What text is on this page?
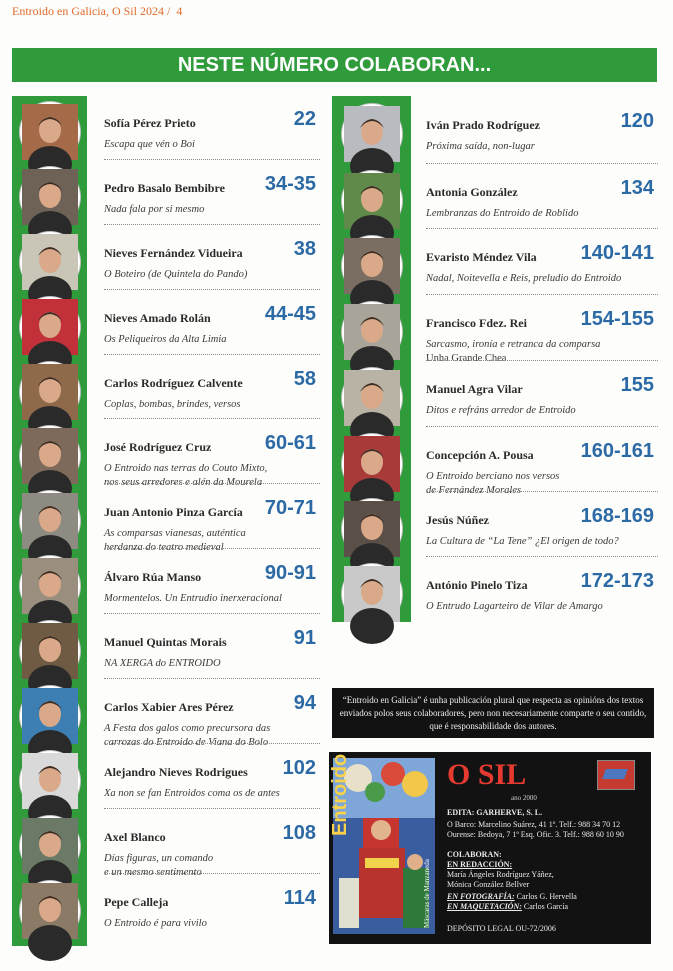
Entroido en Galicia, O Sil 2024 / 4
NESTE NÚMERO COLABORAN...
Sofía Pérez Prieto	22
Escapa que vén o Boi
Pedro Basalo Bembibre 34-35
Nada fala por si mesmo
Nieves Fernández Vidueira	38
O Boteiro (de Quintela do Pando)
Nieves Amado Rolán	44-45
Os Peliqueiros da Alta Limia
Carlos Rodríguez Calvente	58
Coplas, bombas, brindes, versos
José Rodríguez Cruz	60-61
O Entroido nas terras do Couto Mixto,
nos seus arredores e alén da Mourela
Juan Antonio Pinza García 70-71
As comparsas vianesas, auténtica
herdanza do teatro medieval
Álvaro Rúa Manso	90-91
Mormentelos. Un Entrudio inerxeracional
Manuel Quintas Morais	91
NA XERGA do ENTROIDO
Carlos Xabier Ares Pérez	94
A Festa dos galos como precursora das
carrozas do Entroido de Viana do Bolo
Alejandro Nieves Rodrigues 102
Xa non se fan Entroidos coma os de antes
Axel Blanco	108
Días figuras, un comando
e un mesmo sentimento
Pepe Calleja	114
O Entroido é para vivilo
Iván Prado Rodríguez	120
Próxima saída, non-lugar
Antonia González	134
Lembranzas do Entroido de Roblido
Evaristo Méndez Vila 140-141
Nadal, Noitevella e Reis, preludio do Entroido
Francisco Fdez. Rei	154-155
Sarcasmo, ironía e retranca da comparsa
Unha Grande Chea
Manuel Agra Vilar	155
Ditos e refráns arredor de Entroido
Concepción A. Pousa 160-161
O Entroido berciano nos versos
de Fernández Morales
Jesús Núñez	168-169
La Cultura de “La Tene” ¿El origen de todo?
António Pinelo Tiza	172-173
O Entrudo Lagarteiro de Vilar de Amargo
“Entroido en Galicia” é unha publicación plural que respecta as opinións dos textos enviados polos seus colaboradores, pero non necesariamente comparte o seu contido, que é responsabilidade dos autores.
Entroido
Máscaras de Manzaneda
O SIL
ano 2000
EDITA: GARHERVE, S. L.
O Barco: Marcelino Suárez, 41 1º. Telf.: 988 34 70 12
Ourense: Bedoya, 7 1º Esq. Ofic. 3. Telf.: 988 60 10 90
COLABORAN:
EN REDACCIÓN:
María Ángeles Rodríguez Yáñez,
Mónica González Bellver
EN FOTOGRAFÍA: Carlos G. Hervella
EN MAQUETACIÓN: Carlos García
DEPÓSITO LEGAL OU-72/2006
